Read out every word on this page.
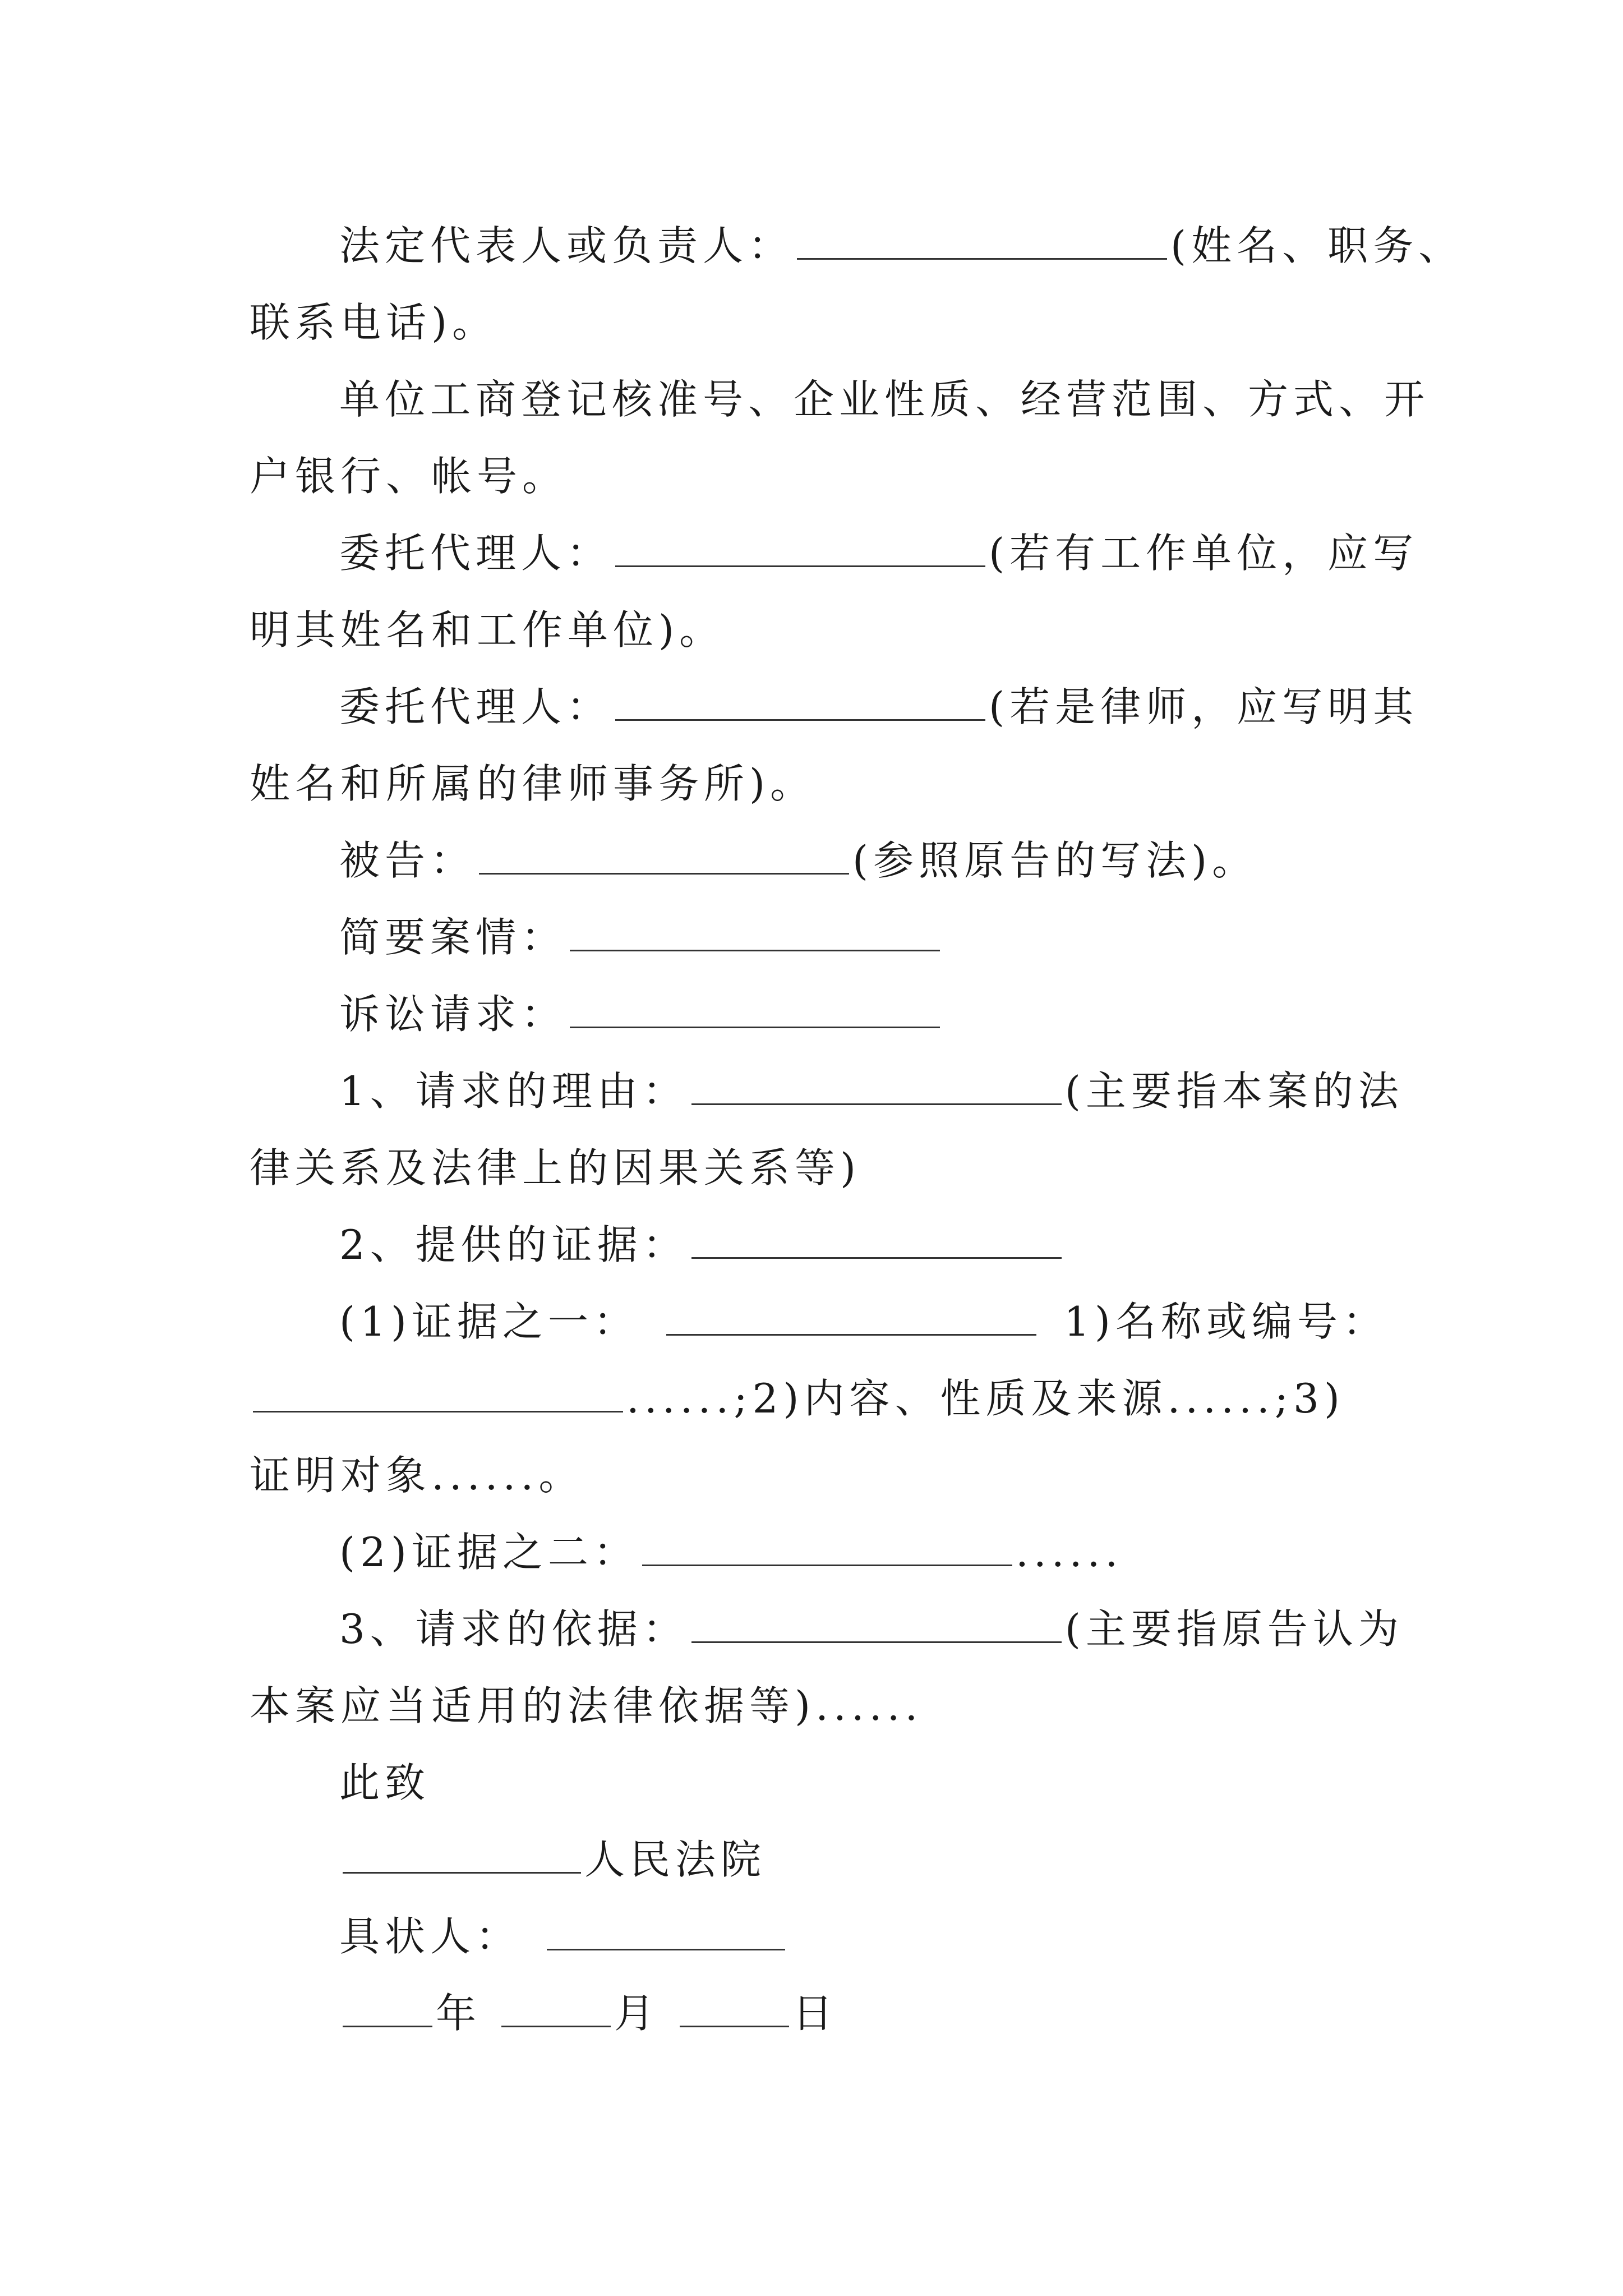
法定代表人或负责人：	(姓名、职务、

联系电话)。

单位工商登记核准号、企业性质、经营范围、方式、开

户银行、帐号。

委托代理人：	(若有工作单位，应写

明其姓名和工作单位)。

委托代理人：	(若是律师，应写明其

姓名和所属的律师事务所)。

被告：	(参照原告的写法)。

简要案情：

诉讼请求：

1、请求的理由：	(主要指本案的法

律关系及法律上的因果关系等)

2、提供的证据：

(1)证据之一：	1)名称或编号：

......;2)内容、性质及来源......;3)

证明对象......。

(2)证据之二：	......

3、请求的依据：	(主要指原告认为

本案应当适用的法律依据等)......

此致

人民法院

具状人：

年	月	日
